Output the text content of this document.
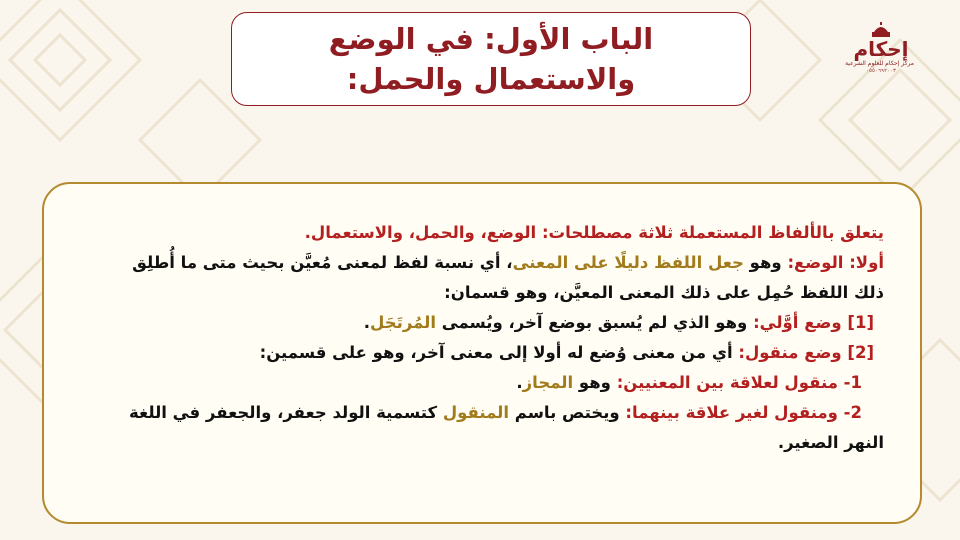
الباب الأول: في الوضع
والاستعمال والحمل:
إحكام
مركز إحكام للعلوم الشرعية
٠٥٥٠٦٩٢٠٠٣
يتعلق بالألفاظ المستعملة ثلاثة مصطلحات: الوضع، والحمل، والاستعمال.
أولا: الوضع: وهو جعل اللفظ دليلًا على المعنى، أي نسبة لفظ لمعنى مُعيَّن بحيث متى ما أُطلِق
ذلك اللفظ حُمِل على ذلك المعنى المعيَّن، وهو قسمان:
[1] وضع أوَّلي: وهو الذي لم يُسبق بوضع آخر، ويُسمى المُرتَجَل.
[2] وضع منقول: أي من معنى وُضع له أولا إلى معنى آخر، وهو على قسمين:
1- منقول لعلاقة بين المعنيين: وهو المجاز.
2- ومنقول لغير علاقة بينهما: ويختص باسم المنقول كتسمية الولد جعفر، والجعفر في اللغة
النهر الصغير.
